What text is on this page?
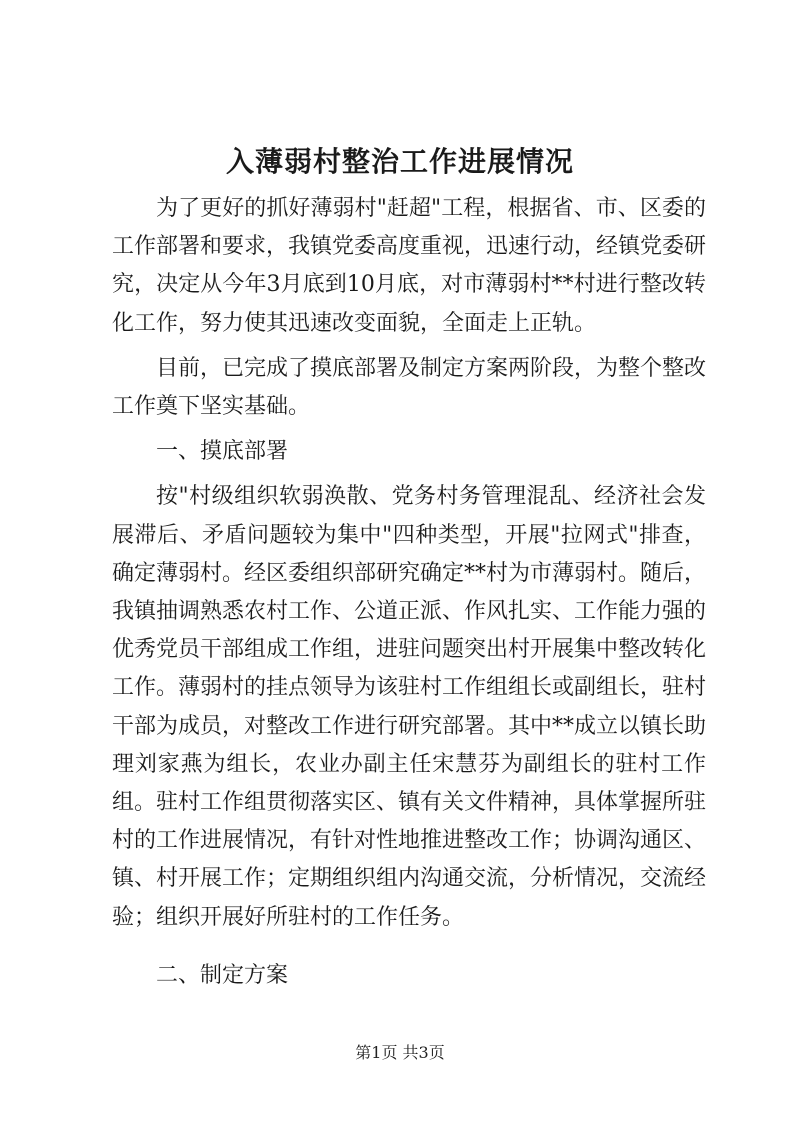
入薄弱村整治工作进展情况

为了更好的抓好薄弱村"赶超"工程，根据省、市、区委的工作部署和要求，我镇党委高度重视，迅速行动，经镇党委研究，决定从今年3月底到10月底，对市薄弱村**村进行整改转化工作，努力使其迅速改变面貌，全面走上正轨。

目前，已完成了摸底部署及制定方案两阶段，为整个整改工作奠下坚实基础。

一、摸底部署

按"村级组织软弱涣散、党务村务管理混乱、经济社会发展滞后、矛盾问题较为集中"四种类型，开展"拉网式"排查，确定薄弱村。经区委组织部研究确定**村为市薄弱村。随后，我镇抽调熟悉农村工作、公道正派、作风扎实、工作能力强的优秀党员干部组成工作组，进驻问题突出村开展集中整改转化工作。薄弱村的挂点领导为该驻村工作组组长或副组长，驻村干部为成员，对整改工作进行研究部署。其中**成立以镇长助理刘家燕为组长，农业办副主任宋慧芬为副组长的驻村工作组。驻村工作组贯彻落实区、镇有关文件精神，具体掌握所驻村的工作进展情况，有针对性地推进整改工作；协调沟通区、镇、村开展工作；定期组织组内沟通交流，分析情况，交流经验；组织开展好所驻村的工作任务。

二、制定方案

第1页 共3页
